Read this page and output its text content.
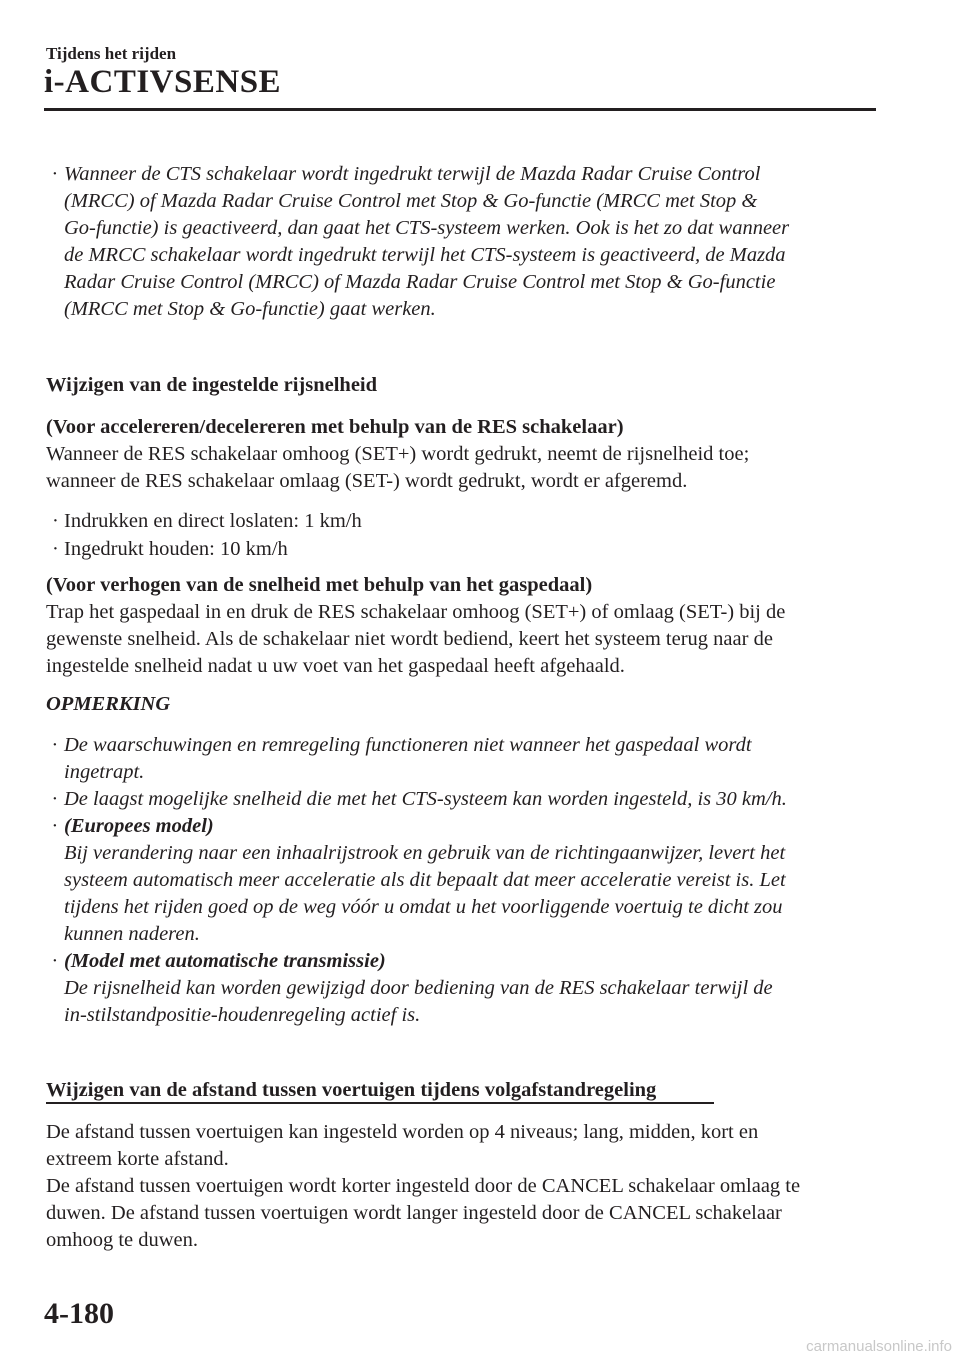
Tijdens het rijden
i-ACTIVSENSE
· Wanneer de CTS schakelaar wordt ingedrukt terwijl de Mazda Radar Cruise Control
(MRCC) of Mazda Radar Cruise Control met Stop & Go-functie (MRCC met Stop &
Go-functie) is geactiveerd, dan gaat het CTS-systeem werken. Ook is het zo dat wanneer
de MRCC schakelaar wordt ingedrukt terwijl het CTS-systeem is geactiveerd, de Mazda
Radar Cruise Control (MRCC) of Mazda Radar Cruise Control met Stop & Go-functie
(MRCC met Stop & Go-functie) gaat werken.
Wijzigen van de ingestelde rijsnelheid
(Voor accelereren/decelereren met behulp van de RES schakelaar)
Wanneer de RES schakelaar omhoog (SET+) wordt gedrukt, neemt de rijsnelheid toe;
wanneer de RES schakelaar omlaag (SET-) wordt gedrukt, wordt er afgeremd.
· Indrukken en direct loslaten: 1 km/h
· Ingedrukt houden: 10 km/h
(Voor verhogen van de snelheid met behulp van het gaspedaal)
Trap het gaspedaal in en druk de RES schakelaar omhoog (SET+) of omlaag (SET-) bij de
gewenste snelheid. Als de schakelaar niet wordt bediend, keert het systeem terug naar de
ingestelde snelheid nadat u uw voet van het gaspedaal heeft afgehaald.
OPMERKING
· De waarschuwingen en remregeling functioneren niet wanneer het gaspedaal wordt
ingetrapt.
· De laagst mogelijke snelheid die met het CTS-systeem kan worden ingesteld, is 30 km/h.
· (Europees model)
Bij verandering naar een inhaalrijstrook en gebruik van de richtingaanwijzer, levert het
systeem automatisch meer acceleratie als dit bepaalt dat meer acceleratie vereist is. Let
tijdens het rijden goed op de weg vóór u omdat u het voorliggende voertuig te dicht zou
kunnen naderen.
· (Model met automatische transmissie)
De rijsnelheid kan worden gewijzigd door bediening van de RES schakelaar terwijl de
in-stilstandpositie-houdenregeling actief is.
Wijzigen van de afstand tussen voertuigen tijdens volgafstandregeling
De afstand tussen voertuigen kan ingesteld worden op 4 niveaus; lang, midden, kort en
extreem korte afstand.
De afstand tussen voertuigen wordt korter ingesteld door de CANCEL schakelaar omlaag te
duwen. De afstand tussen voertuigen wordt langer ingesteld door de CANCEL schakelaar
omhoog te duwen.
4-180
carmanualsonline.info
